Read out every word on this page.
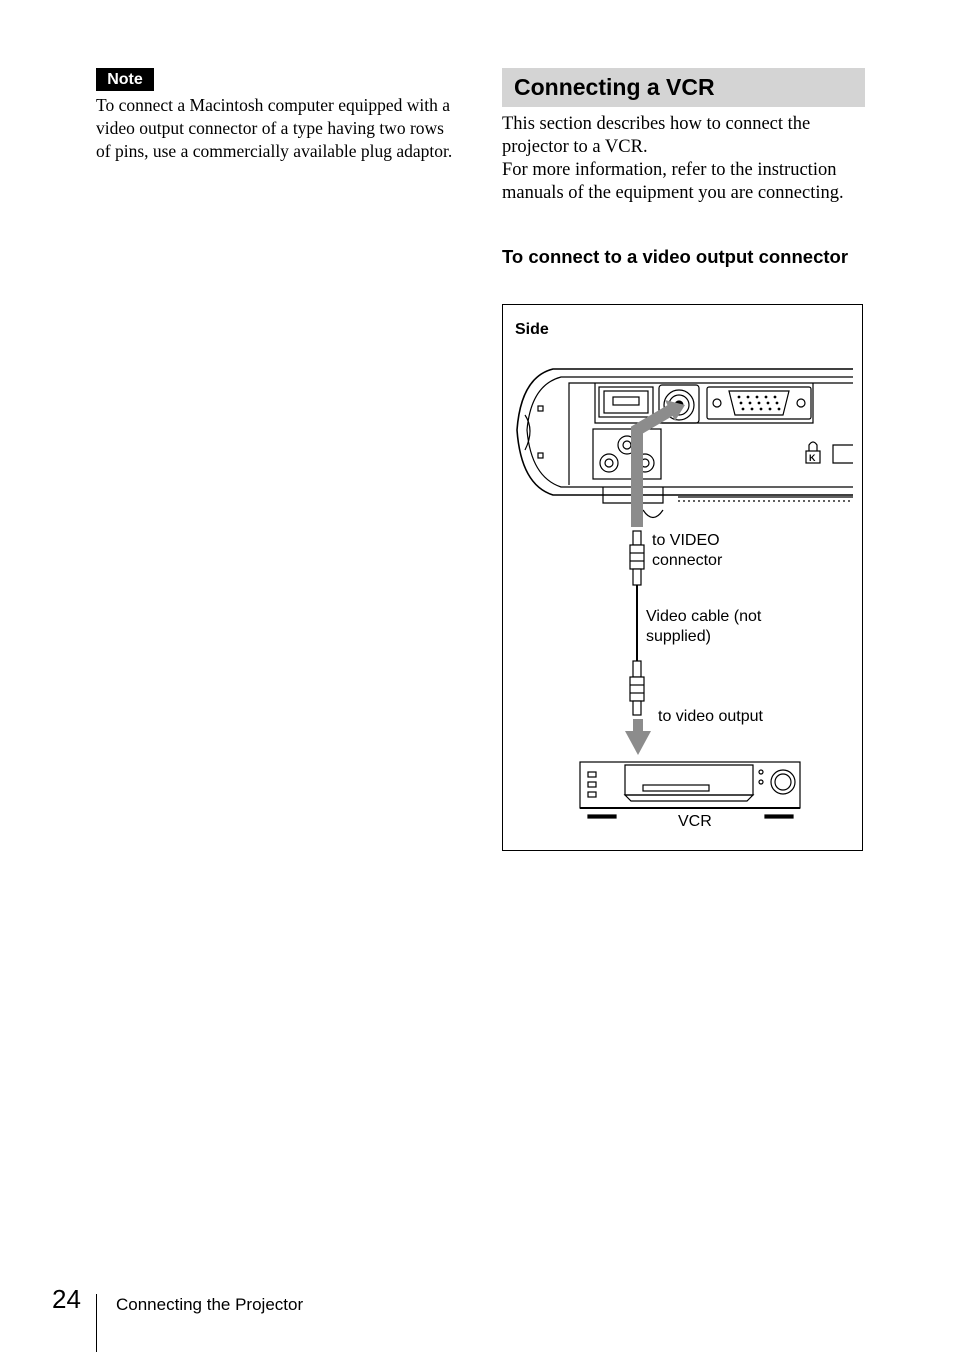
Note

To connect a Macintosh computer equipped with a video output connector of a type having two rows of pins, use a commercially available plug adaptor.

Connecting a VCR
This section describes how to connect the projector to a VCR.
For more information, refer to the instruction manuals of the equipment you are connecting.
To connect to a video output connector
K
Side
to VIDEO connector
Video cable (not supplied)
to video output
VCR
24 Connecting the Projector
